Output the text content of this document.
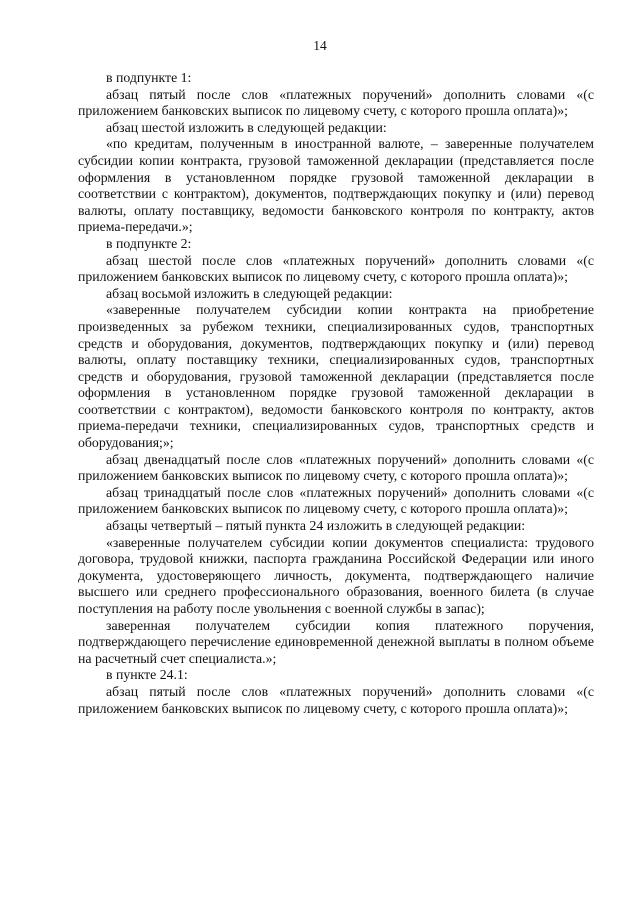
14

в подпункте 1:

абзац пятый после слов «платежных поручений» дополнить словами «(с приложением банковских выписок по лицевому счету, с которого прошла оплата)»;

абзац шестой изложить в следующей редакции:

«по кредитам, полученным в иностранной валюте, – заверенные получателем субсидии копии контракта, грузовой таможенной декларации (представляется после оформления в установленном порядке грузовой таможенной декларации в соответствии с контрактом), документов, подтверждающих покупку и (или) перевод валюты, оплату поставщику, ведомости банковского контроля по контракту, актов приема-передачи.»;

в подпункте 2:

абзац шестой после слов «платежных поручений» дополнить словами «(с приложением банковских выписок по лицевому счету, с которого прошла оплата)»;

абзац восьмой изложить в следующей редакции:

«заверенные получателем субсидии копии контракта на приобретение произведенных за рубежом техники, специализированных судов, транспортных средств и оборудования, документов, подтверждающих покупку и (или) перевод валюты, оплату поставщику техники, специализированных судов, транспортных средств и оборудования, грузовой таможенной декларации (представляется после оформления в установленном порядке грузовой таможенной декларации в соответствии с контрактом), ведомости банковского контроля по контракту, актов приема-передачи техники, специализированных судов, транспортных средств и оборудования;»;

абзац двенадцатый после слов «платежных поручений» дополнить словами «(с приложением банковских выписок по лицевому счету, с которого прошла оплата)»;

абзац тринадцатый после слов «платежных поручений» дополнить словами «(с приложением банковских выписок по лицевому счету, с которого прошла оплата)»;

абзацы четвертый – пятый пункта 24 изложить в следующей редакции:

«заверенные получателем субсидии копии документов специалиста: трудового договора, трудовой книжки, паспорта гражданина Российской Федерации или иного документа, удостоверяющего личность, документа, подтверждающего наличие высшего или среднего профессионального образования, военного билета (в случае поступления на работу после увольнения с военной службы в запас);

заверенная получателем субсидии копия платежного поручения, подтверждающего перечисление единовременной денежной выплаты в полном объеме на расчетный счет специалиста.»;

в пункте 24.1:

абзац пятый после слов «платежных поручений» дополнить словами «(с приложением банковских выписок по лицевому счету, с которого прошла оплата)»;
